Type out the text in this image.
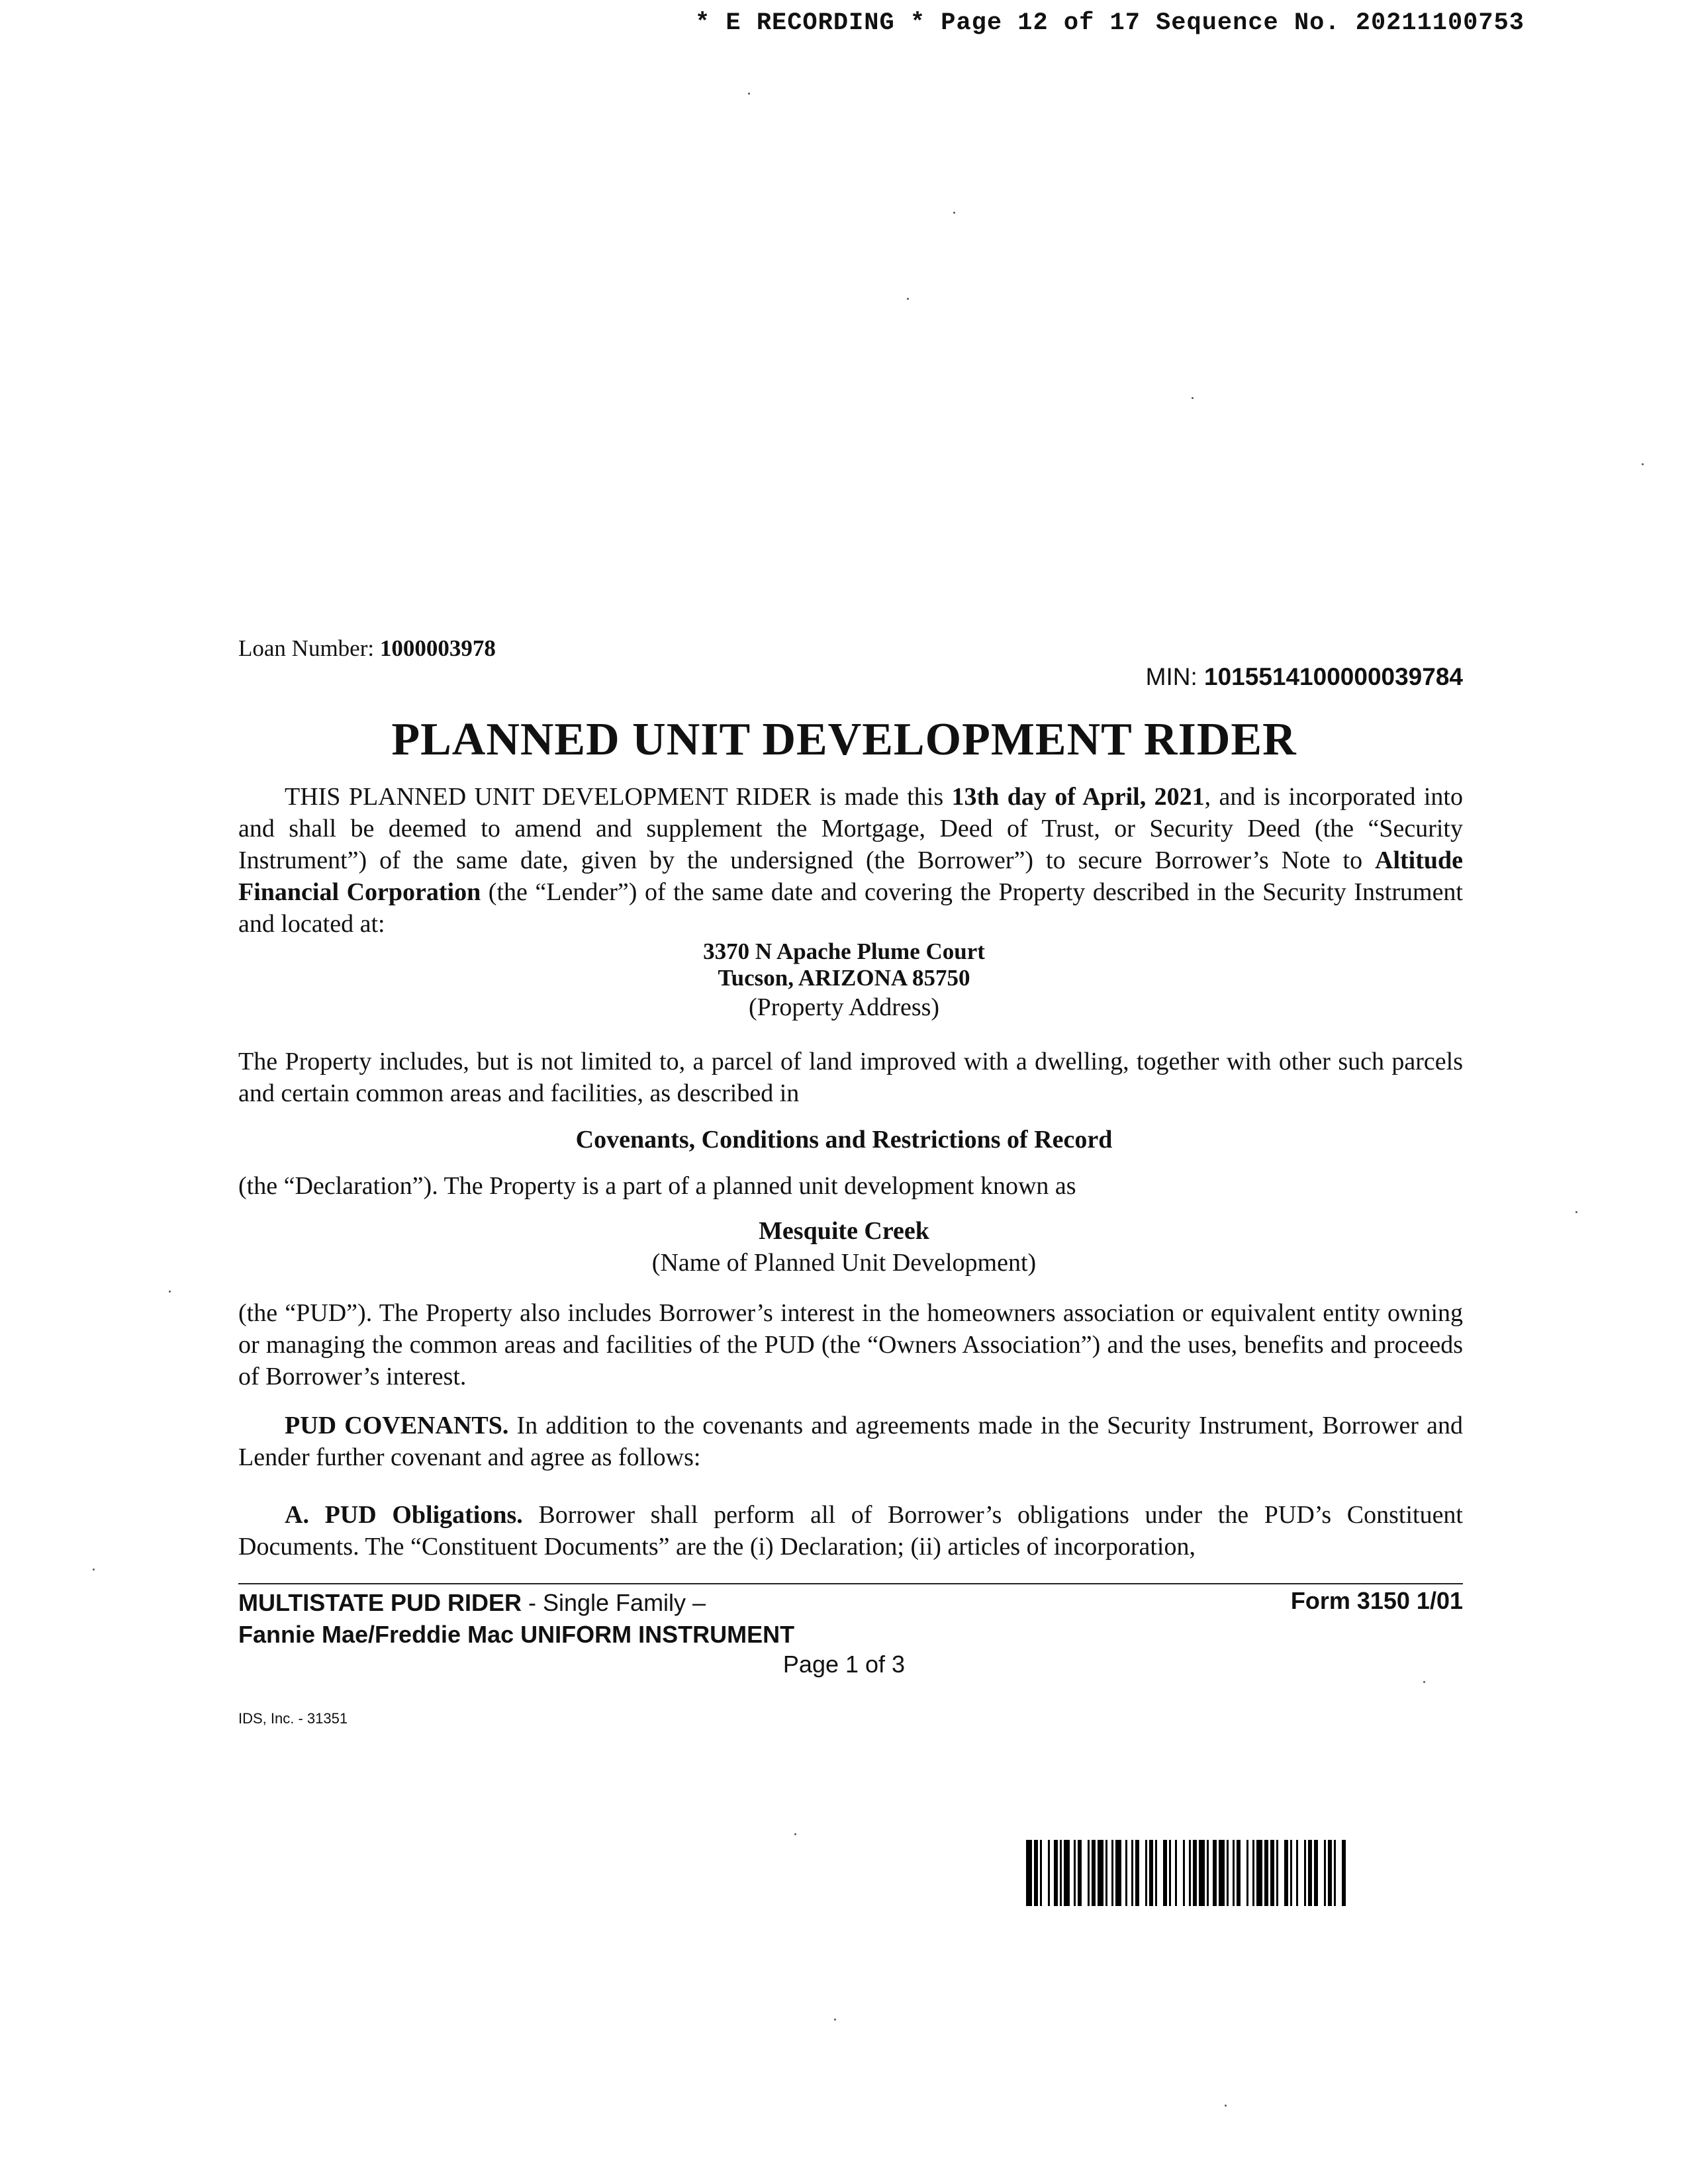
* E RECORDING * Page 12 of 17 Sequence No. 20211100753
Loan Number: 1000003978
MIN: 1015514100000039784
PLANNED UNIT DEVELOPMENT RIDER
THIS PLANNED UNIT DEVELOPMENT RIDER is made this 13th day of April, 2021, and is incorporated into and shall be deemed to amend and supplement the Mortgage, Deed of Trust, or Security Deed (the “Security Instrument”) of the same date, given by the undersigned (the Borrower”) to secure Borrower’s Note to Altitude Financial Corporation (the “Lender”) of the same date and covering the Property described in the Security Instrument and located at:
3370 N Apache Plume Court
Tucson, ARIZONA 85750
(Property Address)
The Property includes, but is not limited to, a parcel of land improved with a dwelling, together with other such parcels and certain common areas and facilities, as described in
Covenants, Conditions and Restrictions of Record
(the “Declaration”). The Property is a part of a planned unit development known as
Mesquite Creek
(Name of Planned Unit Development)
(the “PUD”). The Property also includes Borrower’s interest in the homeowners association or equivalent entity owning or managing the common areas and facilities of the PUD (the “Owners Association”) and the uses, benefits and proceeds of Borrower’s interest.
PUD COVENANTS. In addition to the covenants and agreements made in the Security Instrument, Borrower and Lender further covenant and agree as follows:
A. PUD Obligations. Borrower shall perform all of Borrower’s obligations under the PUD’s Constituent Documents. The “Constituent Documents” are the (i) Declaration; (ii) articles of incorporation,
MULTISTATE PUD RIDER - Single Family –
Fannie Mae/Freddie Mac UNIFORM INSTRUMENT
Form 3150 1/01
Page 1 of 3
IDS, Inc. - 31351
